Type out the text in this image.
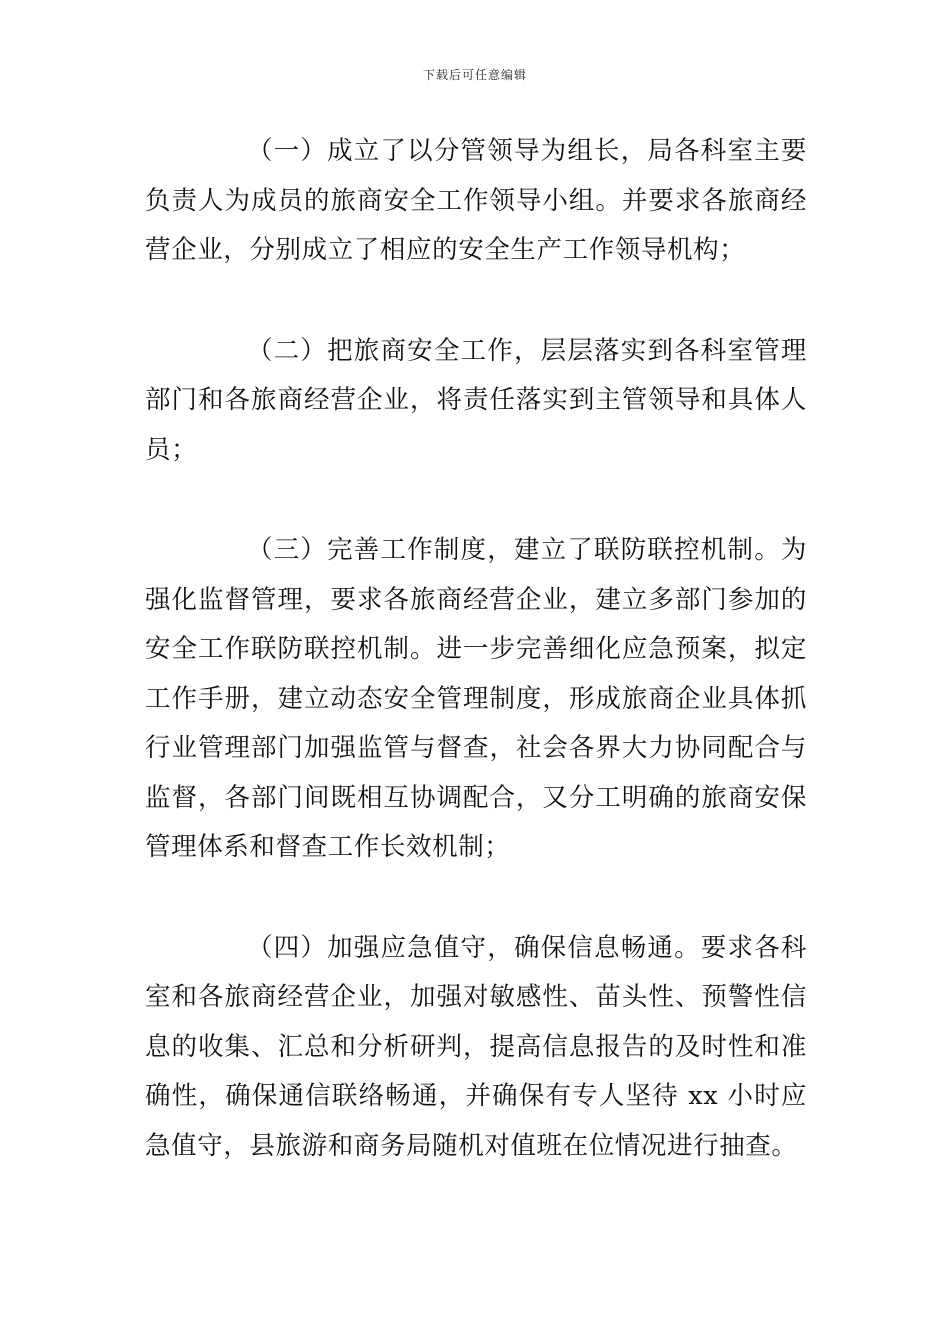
下载后可任意编辑

（一）成立了以分管领导为组长，局各科室主要负责人为成员的旅商安全工作领导小组。并要求各旅商经营企业，分别成立了相应的安全生产工作领导机构；

（二）把旅商安全工作，层层落实到各科室管理部门和各旅商经营企业，将责任落实到主管领导和具体人员；

（三）完善工作制度，建立了联防联控机制。为强化监督管理，要求各旅商经营企业，建立多部门参加的安全工作联防联控机制。进一步完善细化应急预案，拟定工作手册，建立动态安全管理制度，形成旅商企业具体抓行业管理部门加强监管与督查，社会各界大力协同配合与监督，各部门间既相互协调配合，又分工明确的旅商安保管理体系和督查工作长效机制；

（四）加强应急值守，确保信息畅通。要求各科室和各旅商经营企业，加强对敏感性、苗头性、预警性信息的收集、汇总和分析研判，提高信息报告的及时性和准确性，确保通信联络畅通，并确保有专人坚待 xx 小时应急值守，县旅游和商务局随机对值班在位情况进行抽查。
